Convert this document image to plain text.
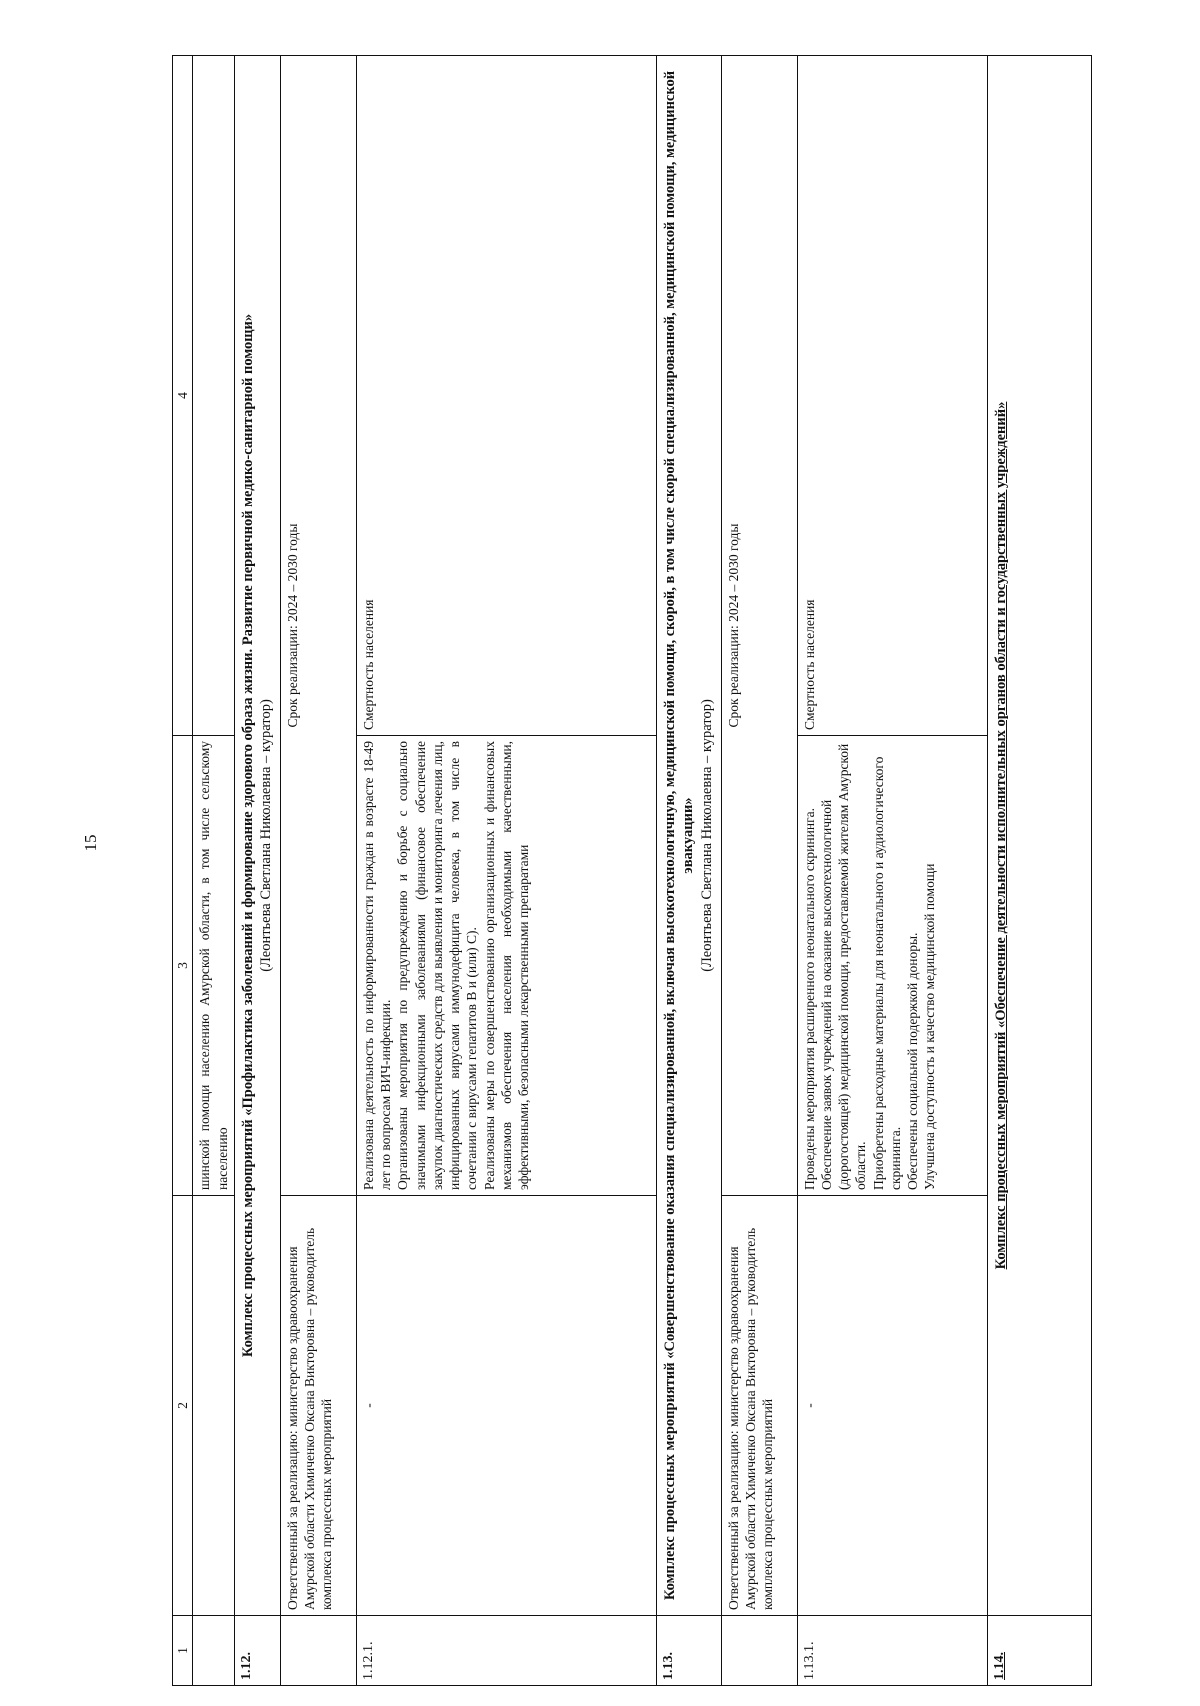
15
1	2	3	4
		шинской помощи населению Амурской области, в том числе сельскому населению	
1.12.	Комплекс процессных мероприятий «Профилактика заболеваний и формирование здорового образа жизни. Развитие первичной медико-санитарной помощи» (Леонтьева Светлана Николаевна – куратор)		

	Ответственный за реализацию: министерство здравоохранения Амурской области Химиченко Оксана Викторовна – руководитель комплекса процессных мероприятий	Срок реализации: 2024 – 2030 годы	
1.12.1.	-	Реализована деятельность по информированности граждан в возрасте 18-49 лет по вопросам ВИЧ-инфекции. Организованы мероприятия по предупреждению и борьбе с социально значимыми инфекционными заболеваниями (финансовое обеспечение закупок диагностических средств для выявления и мониторинга лечения лиц, инфицированных вирусами иммунодефицита человека, в том числе в сочетании с вирусами гепатитов В и (или) С). Реализованы меры по совершенствованию организационных и финансовых механизмов обеспечения населения необходимыми качественными, эффективными, безопасными лекарственными препаратами	Смертность населения
1.13.	Комплекс процессных мероприятий «Совершенствование оказания специализированной, включая высокотехнологичную, медицинской помощи, скорой, в том числе скорой специализированной, медицинской помощи, медицинской эвакуации» (Леонтьева Светлана Николаевна – куратор)		

	Ответственный за реализацию: министерство здравоохранения Амурской области Химиченко Оксана Викторовна – руководитель комплекса процессных мероприятий	Срок реализации: 2024 – 2030 годы	
1.13.1.	-	Проведены мероприятия расширенного неонатального скрининга. Обеспечение заявок учреждений на оказание высокотехнологичной (дорогостоящей) медицинской помощи, предоставляемой жителям Амурской области. Приобретены расходные материалы для неонатального и аудиологического скрининга. Обеспечены социальной подержкой доноры. Улучшена доступность и качество медицинской помощи	Смертность населения
1.14.	Комплекс процессных мероприятий «Обеспечение деятельности исполнительных органов области и государственных учреждений»		
